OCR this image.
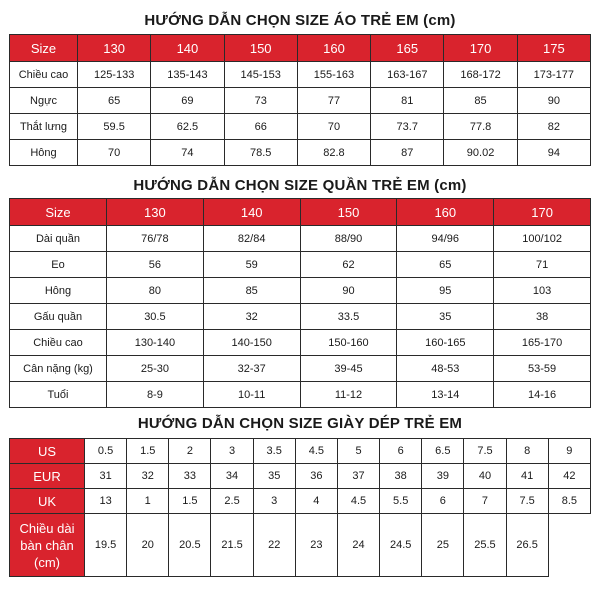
HƯỚNG DẪN CHỌN SIZE ÁO TRẺ EM (cm)
Size	130	140	150	160	165	170	175
Chiều cao	125-133	135-143	145-153	155-163	163-167	168-172	173-177
Ngực	65	69	73	77	81	85	90
Thắt lưng	59.5	62.5	66	70	73.7	77.8	82
Hông	70	74	78.5	82.8	87	90.02	94
HƯỚNG DẪN CHỌN SIZE QUẦN TRẺ EM (cm)
Size	130	140	150	160	170
Dài quần	76/78	82/84	88/90	94/96	100/102
Eo	56	59	62	65	71
Hông	80	85	90	95	103
Gấu quần	30.5	32	33.5	35	38
Chiều cao	130-140	140-150	150-160	160-165	165-170
Cân nặng (kg)	25-30	32-37	39-45	48-53	53-59
Tuổi	8-9	10-11	11-12	13-14	14-16
HƯỚNG DẪN CHỌN SIZE GIÀY DÉP TRẺ EM
US	0.5	1.5	2	3	3.5	4.5	5	6	6.5	7.5	8	9
EUR	31	32	33	34	35	36	37	38	39	40	41	42
UK	13	1	1.5	2.5	3	4	4.5	5.5	6	7	7.5	8.5
Chiều dài bàn chân (cm)	19.5	20	20.5	21.5	22	23	24	24.5	25	25.5	26.5	
